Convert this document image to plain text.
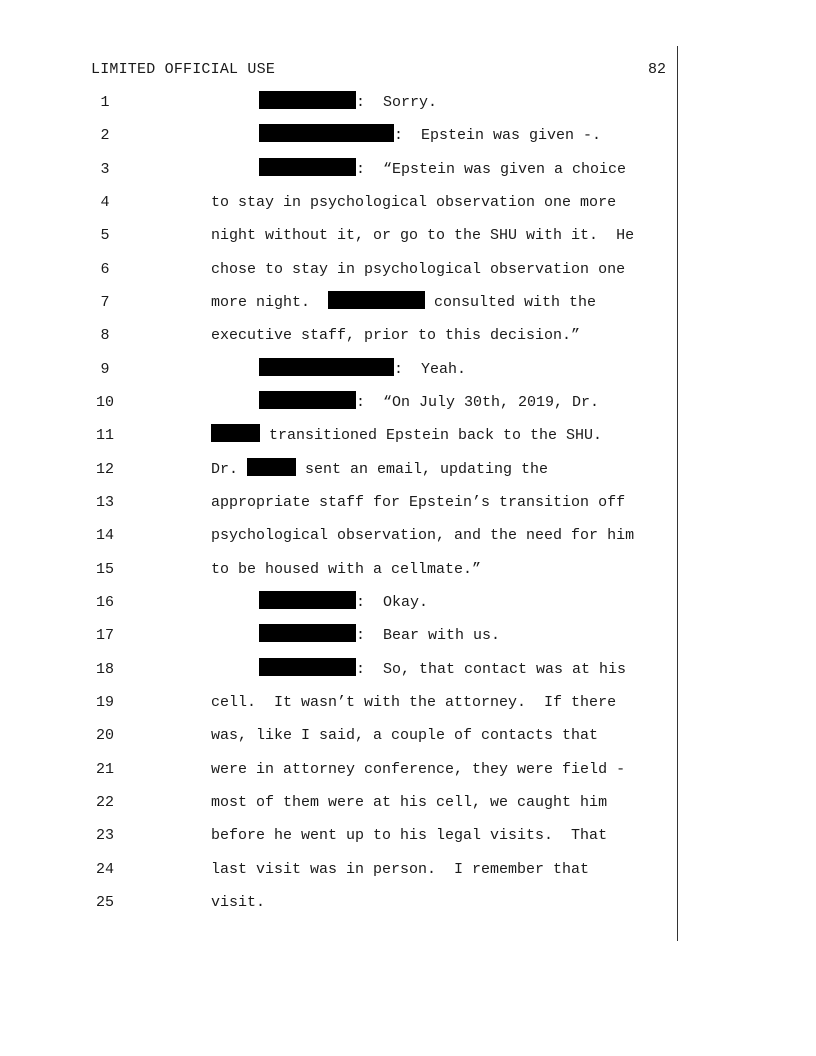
LIMITED OFFICIAL USE	82
1	:  Sorry.
2	:  Epstein was given -.
3	:  “Epstein was given a choice
4	to stay in psychological observation one more
5	night without it, or go to the SHU with it.  He
6	chose to stay in psychological observation one
7	more night.	consulted with the
8	executive staff, prior to this decision.”
9	:  Yeah.
10	:  “On July 30th, 2019, Dr.
11	transitioned Epstein back to the SHU.
12	Dr.	sent an email, updating the
13	appropriate staff for Epstein’s transition off
14	psychological observation, and the need for him
15	to be housed with a cellmate.”
16	:  Okay.
17	:  Bear with us.
18	:  So, that contact was at his
19	cell.  It wasn’t with the attorney.  If there
20	was, like I said, a couple of contacts that
21	were in attorney conference, they were field -
22	most of them were at his cell, we caught him
23	before he went up to his legal visits.  That
24	last visit was in person.  I remember that
25	visit.
